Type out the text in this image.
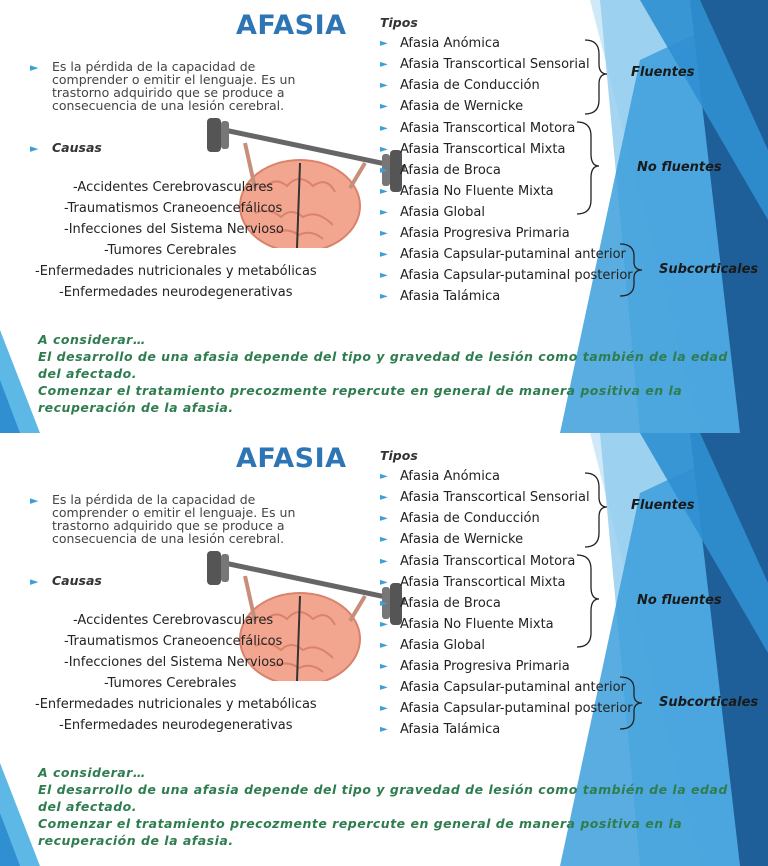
AFASIA
► Es la pérdida de la capacidad de comprender o emitir el lenguaje. Es un trastorno adquirido que se produce a consecuencia de una lesión cerebral.
► Causas
-Accidentes Cerebrovasculares
-Traumatismos Craneoencefálicos
-Infecciones del Sistema Nervioso
-Tumores Cerebrales
-Enfermedades nutricionales y metabólicas
-Enfermedades neurodegenerativas
Tipos
► Afasia Anómica
► Afasia Transcortical Sensorial
► Afasia de Conducción
► Afasia de Wernicke
► Afasia Transcortical Motora
► Afasia Transcortical Mixta
► Afasia de Broca
► Afasia No Fluente Mixta
► Afasia Global
► Afasia Progresiva Primaria
► Afasia Capsular-putaminal anterior
► Afasia Capsular-putaminal posterior
► Afasia Talámica
Fluentes
No fluentes
Subcorticales
A considerar…
El desarrollo de una afasia depende del tipo y gravedad de lesión como también de la edad del afectado.
Comenzar el tratamiento precozmente repercute en general de manera positiva en la recuperación de la afasia.
AFASIA
► Es la pérdida de la capacidad de comprender o emitir el lenguaje. Es un trastorno adquirido que se produce a consecuencia de una lesión cerebral.
► Causas
-Accidentes Cerebrovasculares
-Traumatismos Craneoencefálicos
-Infecciones del Sistema Nervioso
-Tumores Cerebrales
-Enfermedades nutricionales y metabólicas
-Enfermedades neurodegenerativas
Tipos
► Afasia Anómica
► Afasia Transcortical Sensorial
► Afasia de Conducción
► Afasia de Wernicke
► Afasia Transcortical Motora
► Afasia Transcortical Mixta
► Afasia de Broca
► Afasia No Fluente Mixta
► Afasia Global
► Afasia Progresiva Primaria
► Afasia Capsular-putaminal anterior
► Afasia Capsular-putaminal posterior
► Afasia Talámica
Fluentes
No fluentes
Subcorticales
A considerar…
El desarrollo de una afasia depende del tipo y gravedad de lesión como también de la edad del afectado.
Comenzar el tratamiento precozmente repercute en general de manera positiva en la recuperación de la afasia.
